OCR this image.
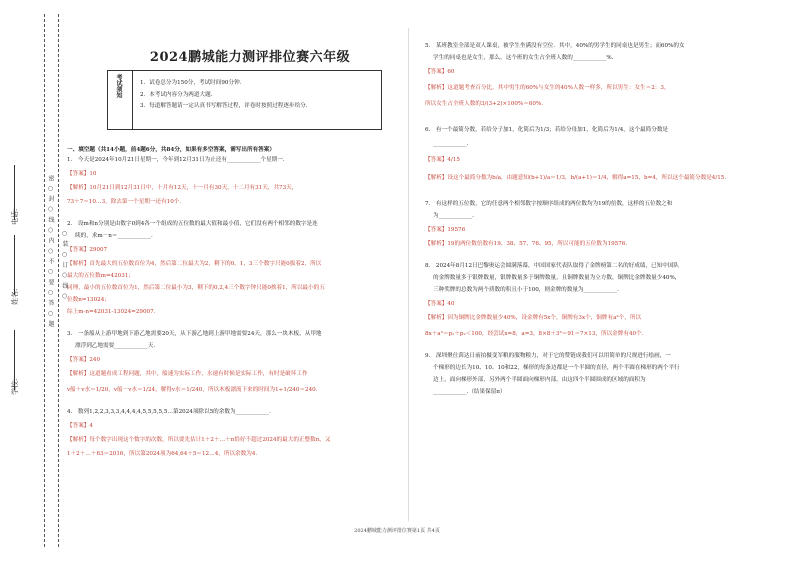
密 ○ 封 ○ 线 ○ 内 ○ 不 ○ 要 ○ 答 ○ 题 ○ 装 ○ 订 ○ 线 ○
学校:
姓名:
电话:
2024鹏城能力测评排位赛六年级
考试须知	1．试卷总分为150分，考试时间90分钟.
2．本考试内容分为两道大题.
3．每道解答题请一定认真书写解答过程，评卷时按照过程逐步给分.
一、填空题（共14小题，前4题6分，共84分，如果有多空答案，需写出所有答案）
1.　今天是2024年10月21日星期一，今年到12月31日为止还有____________个星期一.
【答案】10
【解析】10月21日到12月31日中，十月有12天，十一月有30天，十二月有31天，共73天，
73＋7＝10…3，除去第一个星期一还有10个.
2.　设m和n分别是由数字0到4各一个组成的五位数的最大值和最小值，它们没有两个相邻的数字是连
续的，求m－n＝____________.
【答案】29007
【解析】首先最大的五位数首位为4，然后第二位最大为2，剩下的0，1，3三个数字只能0拔着2，所以
最大的五位数m=42031；
同理，最小的五位数首位为1，然后第二位最小为3，剩下的0,2,4三个数字钟只能0挨着1，所以最小的五
位数n=13024；
综上m-n=42031-13024=29007.
3.　一条船从上游甲地到下游乙地需要20天，从下游乙地到上游甲地需要24天，那么一块木板，从甲地
漂浮到乙地需要____________天.
【答案】240
【解析】这道题看成工程问题，其中，船速为实际工作，水速有时候是实际工作，有时是破坏工作
v船＋v水＝1/20，v船－v水＝1/24，解得v水＝1/240，所以木板漂流下来的时间为1÷1/240＝240.
4.　数列1,2,2,3,3,3,4,4,4,4,5,5,5,5,5…第2024项除以5的余数为____________.
【答案】4
【解析】每个数字出现这个数字的次数，所以要先估计1＋2＋…＋n恰好不超过2024的最大的正整数n，又
1＋2＋…＋63＝2016，所以第2024项为64,64＋5＝12…4，所以余数为4.
5.　某班教室全部是双人课桌，被学生坐满没有空位．其中，40%的男学生的同桌也是男生；而60%的女
学生的同桌也是女生，那么，这个班的女生占全班人数的____________%.
【答案】60
【解析】这道题考查百分比，其中男生的60%与女生的40%人数一样多，所以男生：女生＝2：3，
所以女生占全班人数的3/(3+2)×100%＝60%.
6.　有一个最简分数，若给分子加1，化简后为1/3；若给分母加1，化简后为1/4，这个最简分数是
____________.
【答案】4/15
【解析】设这个最简分数为b/a，由题意知(b+1)/a＝1/3，b/(a+1)＝1/4，解得a=15，b=4，所以这个最简分数是4/15.
7.　有这样的五位数，它的任意两个相邻数字按顺序组成的两位数均为19的倍数，这样的五位数之和
为____________.
【答案】19576
【解析】19的两位数倍数有19、38、57、76、95，所以可能的五位数为19576.
8.　2024年8月12日巴黎奥运会圆满落幕，中国国家代表队取得了金牌榜第二名的好成绩，已知中国队
的金牌数量多于银牌数量，银牌数量多于铜牌数量，且铜牌数量为立方数，铜牌比金牌数量少40%，
三种奖牌的总数为两个质数的积且小于100，则金牌的数量为____________.
【答案】40
【解析】因为铜牌比金牌数量少40%，设金牌有5x个，铜牌有3x个，铜牌有a³个，所以
8x＋a³＝p₁＋p₂＜100，经尝试x=8，a=3，8×8＋3³＝91＝7×13，所以金牌有40个.
9.　深圳聚仕茵达日前拍摄变军粮的服物粮力，对于它的赞链成我们可以用简单的尺规进行绘画，一
个梯形的边长为10、10、10和22，梯形的每条边都是一个半圆的直径，两个半圆在梯形的两个平行
边上，面向梯形外部，另外两个半圆面向梯形内部，由这四个半圆围成的区域的面积为
____________.（结果保留π）
2024鹏城能力测评排位赛第1页 共4页
